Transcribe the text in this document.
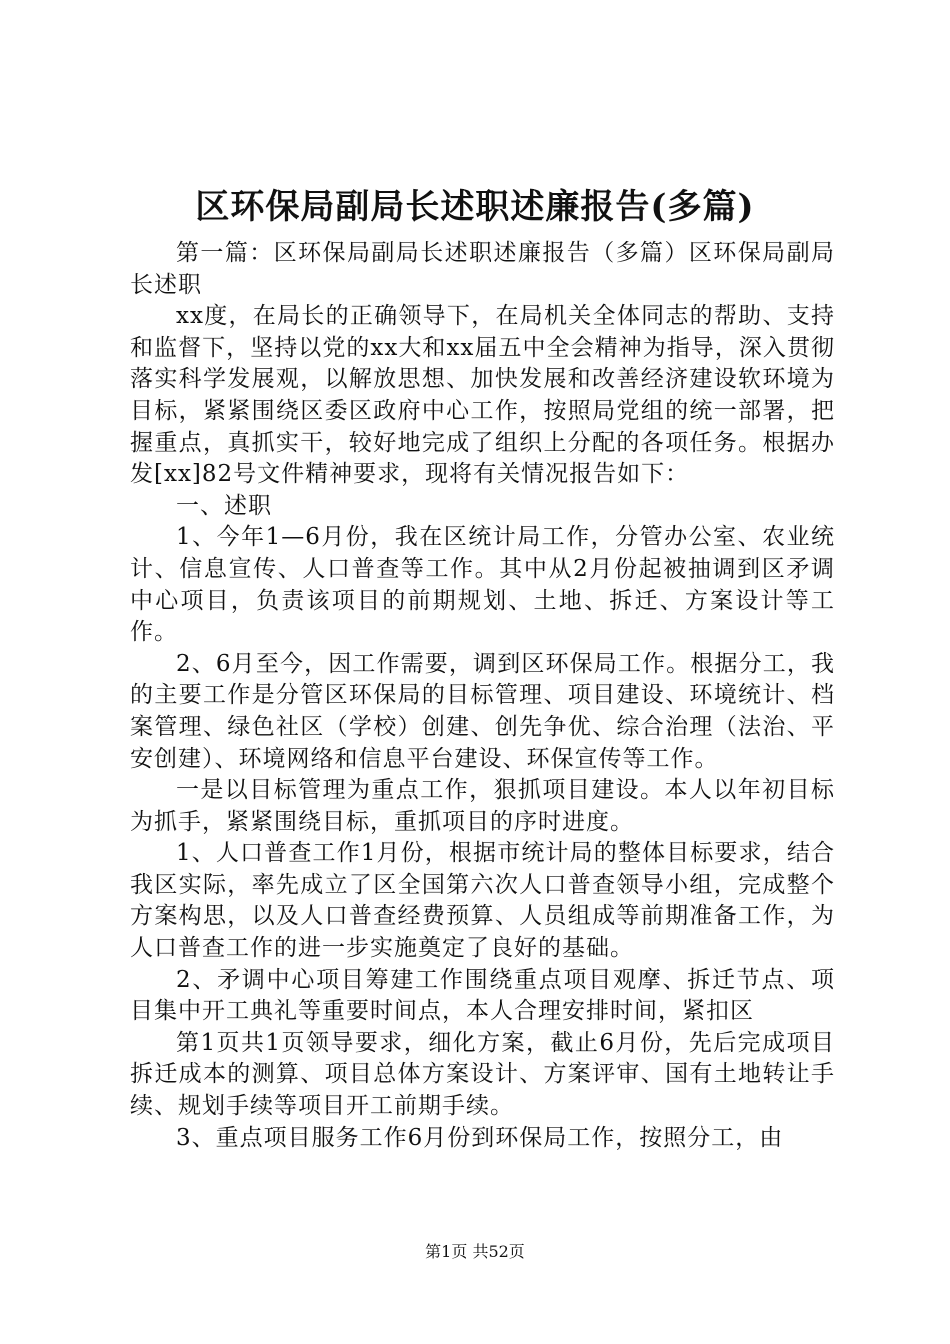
区环保局副局长述职述廉报告(多篇)

第一篇：区环保局副局长述职述廉报告（多篇）区环保局副局长述职

xx度，在局长的正确领导下，在局机关全体同志的帮助、支持和监督下，坚持以党的xx大和xx届五中全会精神为指导，深入贯彻落实科学发展观，以解放思想、加快发展和改善经济建设软环境为目标，紧紧围绕区委区政府中心工作，按照局党组的统一部署，把握重点，真抓实干，较好地完成了组织上分配的各项任务。根据办发[xx]82号文件精神要求，现将有关情况报告如下：

一、述职

1、今年1—6月份，我在区统计局工作，分管办公室、农业统计、信息宣传、人口普查等工作。其中从2月份起被抽调到区矛调中心项目，负责该项目的前期规划、土地、拆迁、方案设计等工作。

2、6月至今，因工作需要，调到区环保局工作。根据分工，我的主要工作是分管区环保局的目标管理、项目建设、环境统计、档案管理、绿色社区（学校）创建、创先争优、综合治理（法治、平安创建）、环境网络和信息平台建设、环保宣传等工作。

一是以目标管理为重点工作，狠抓项目建设。本人以年初目标为抓手，紧紧围绕目标，重抓项目的序时进度。

1、人口普查工作1月份，根据市统计局的整体目标要求，结合我区实际，率先成立了区全国第六次人口普查领导小组，完成整个方案构思，以及人口普查经费预算、人员组成等前期准备工作，为人口普查工作的进一步实施奠定了良好的基础。

2、矛调中心项目筹建工作围绕重点项目观摩、拆迁节点、项目集中开工典礼等重要时间点，本人合理安排时间，紧扣区

第1页共1页领导要求，细化方案，截止6月份，先后完成项目拆迁成本的测算、项目总体方案设计、方案评审、国有土地转让手续、规划手续等项目开工前期手续。

3、重点项目服务工作6月份到环保局工作，按照分工，由

第1页 共52页
